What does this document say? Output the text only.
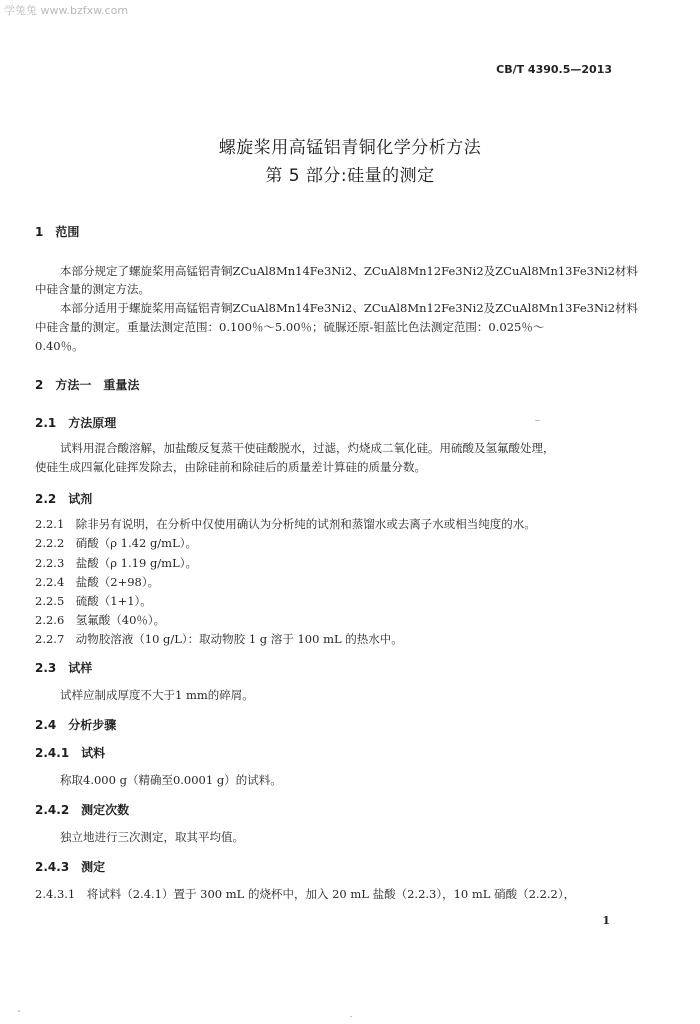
学兔兔 www.bzfxw.com
CB/T 4390.5—2013
螺旋桨用高锰铝青铜化学分析方法
第 5 部分:硅量的测定
1　范围
本部分规定了螺旋桨用高锰铝青铜ZCuAl8Mn14Fe3Ni2、ZCuAl8Mn12Fe3Ni2及ZCuAl8Mn13Fe3Ni2材料
中硅含量的测定方法。
本部分适用于螺旋桨用高锰铝青铜ZCuAl8Mn14Fe3Ni2、ZCuAl8Mn12Fe3Ni2及ZCuAl8Mn13Fe3Ni2材料
中硅含量的测定。重量法测定范围：0.100％～5.00％；硫脲还原-钼蓝比色法测定范围：0.025％～
0.40％。
2　方法一　重量法
2.1　方法原理
试料用混合酸溶解，加盐酸反复蒸干使硅酸脱水，过滤，灼烧成二氧化硅。用硫酸及氢氟酸处理，
使硅生成四氟化硅挥发除去，由除硅前和除硅后的质量差计算硅的质量分数。
2.2　试剂
2.2.1　除非另有说明，在分析中仅使用确认为分析纯的试剂和蒸馏水或去离子水或相当纯度的水。
2.2.2　硝酸（ρ 1.42 g/mL）。
2.2.3　盐酸（ρ 1.19 g/mL）。
2.2.4　盐酸（2+98）。
2.2.5　硫酸（1+1）。
2.2.6　氢氟酸（40％）。
2.2.7　动物胶溶液（10 g/L）：取动物胶 1 g 溶于 100 mL 的热水中。
2.3　试样
试样应制成厚度不大于1 mm的碎屑。
2.4　分析步骤
2.4.1　试料
称取4.000 g（精确至0.0001 g）的试料。
2.4.2　测定次数
独立地进行三次测定，取其平均值。
2.4.3　测定
2.4.3.1　将试料（2.4.1）置于 300 mL 的烧杯中，加入 20 mL 盐酸（2.2.3），10 mL 硝酸（2.2.2），
1
